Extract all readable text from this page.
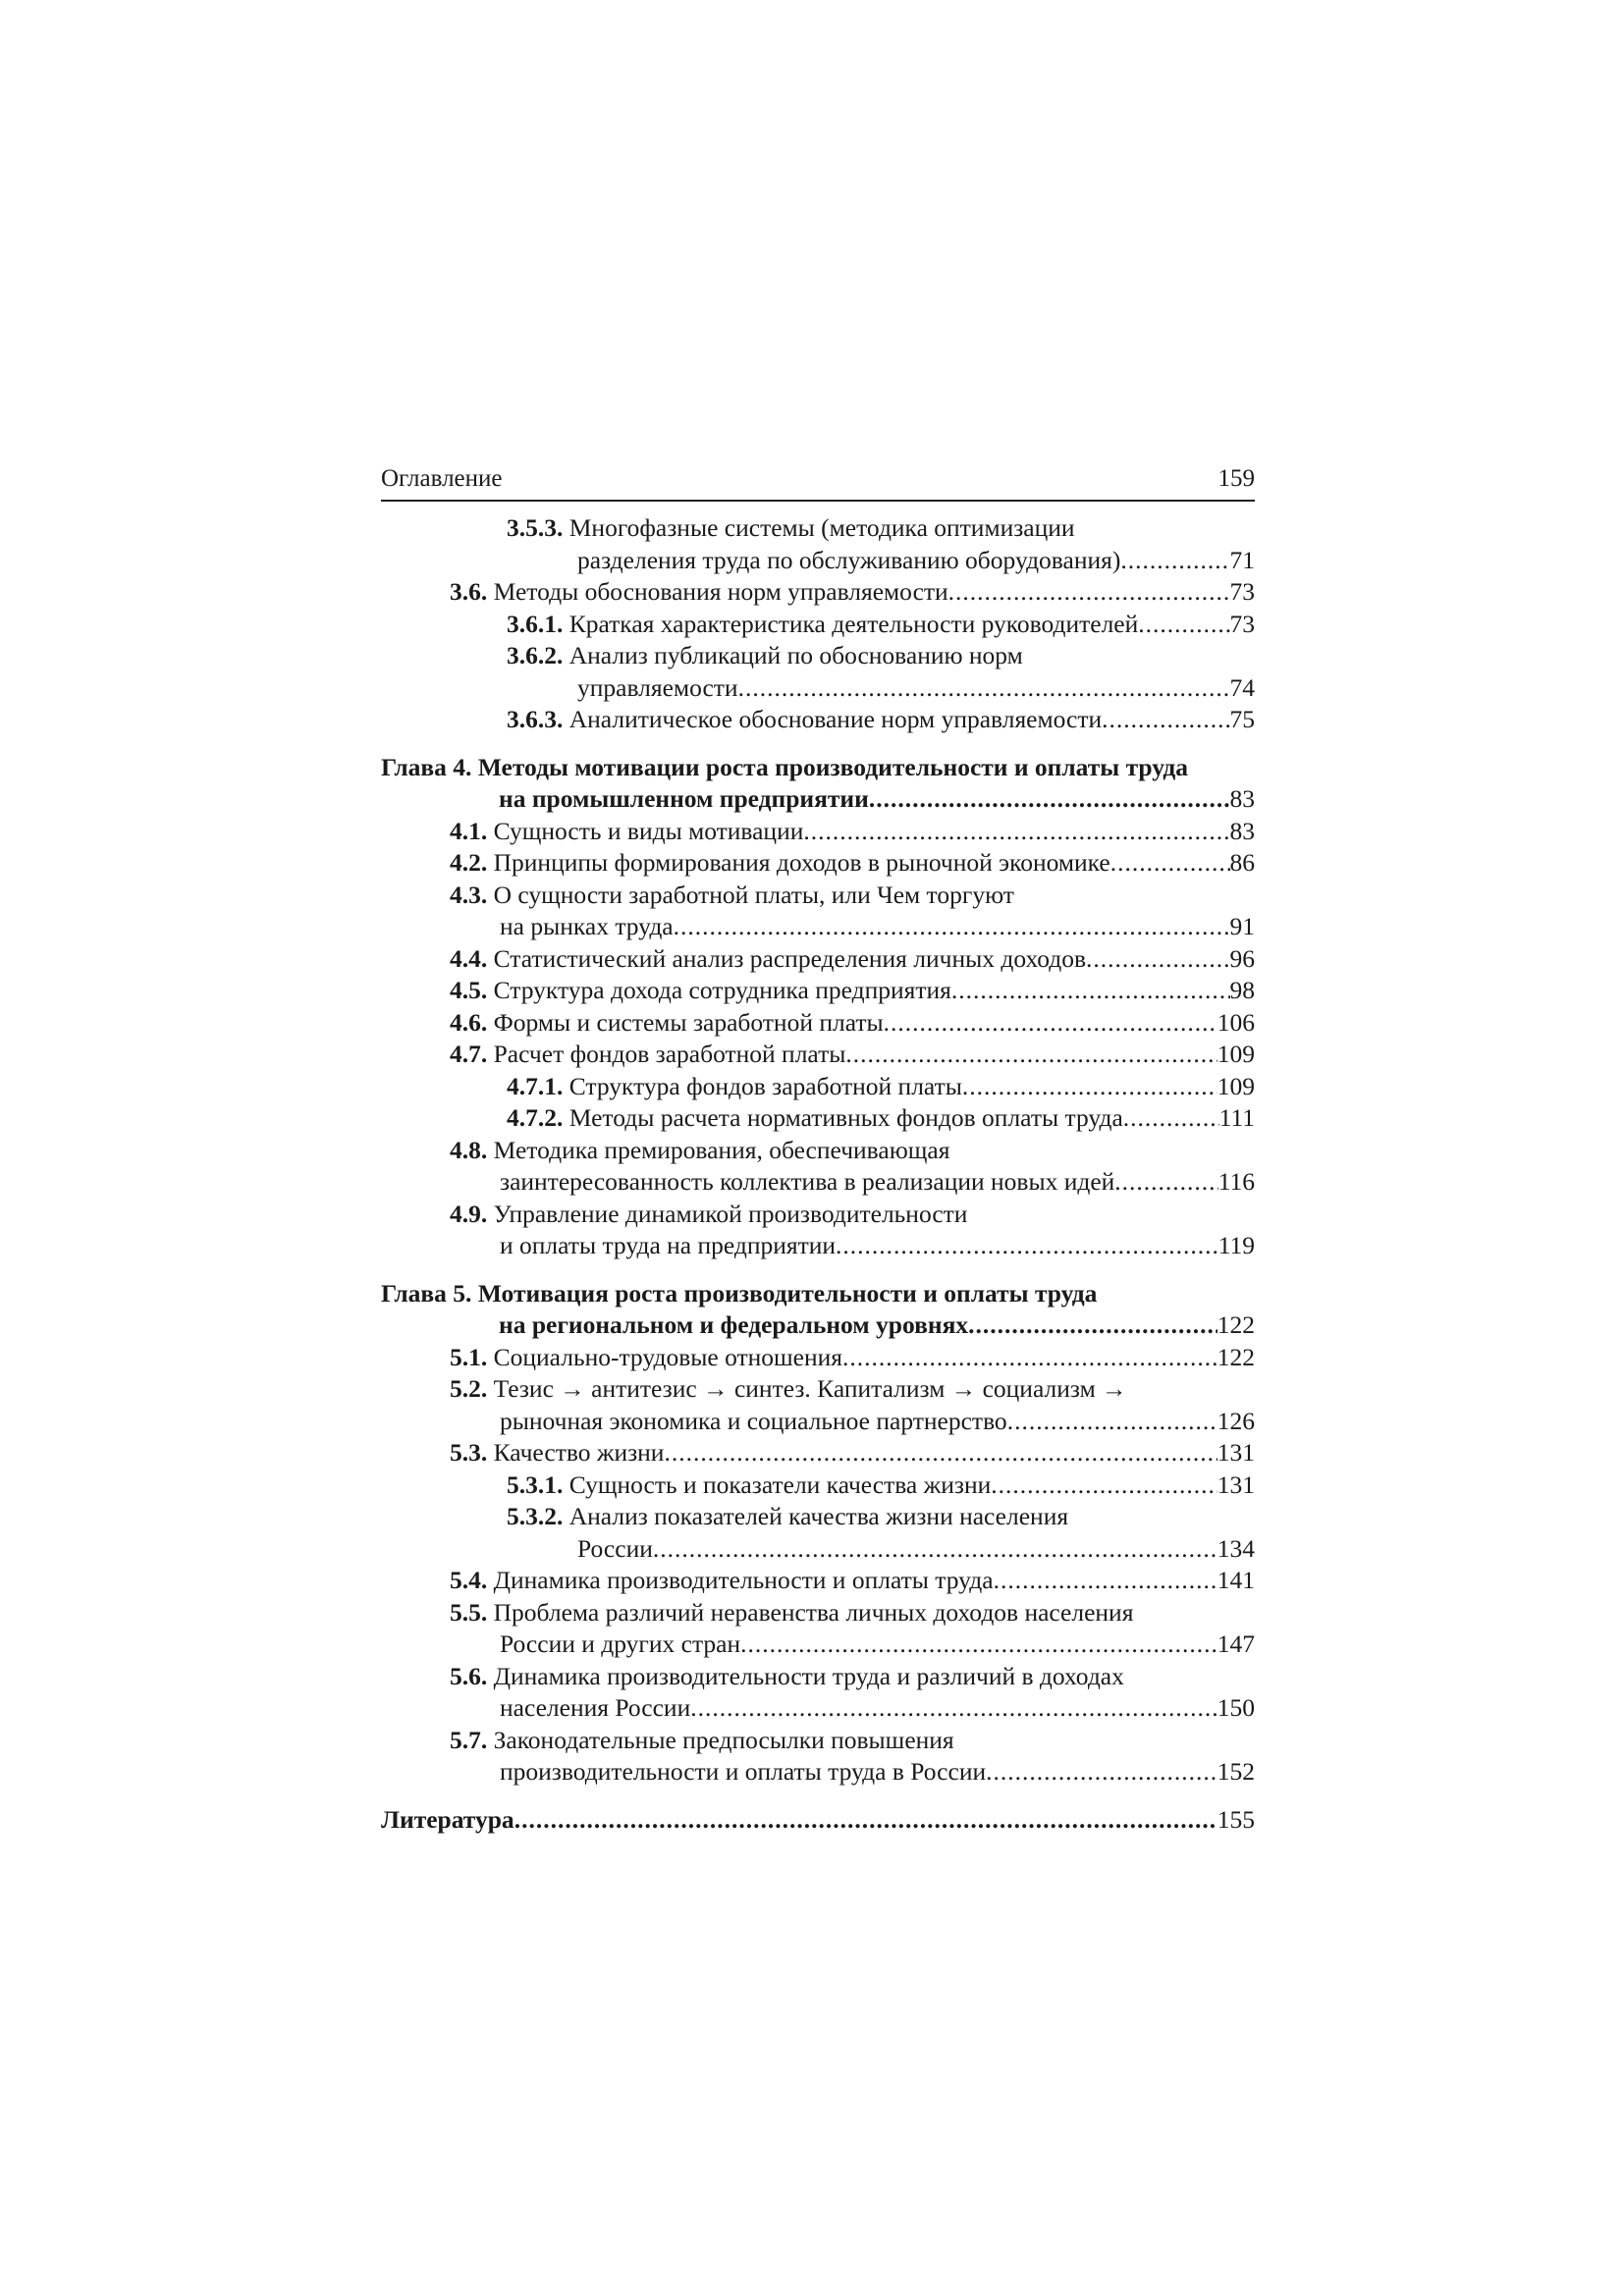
Оглавление	159
3.5.3. Многофазные системы (методика оптимизации
разделения труда по обслуживанию оборудования) .....	71
3.6. Методы обоснования норм управляемости .....	73
3.6.1. Краткая характеристика деятельности руководителей .....	73
3.6.2. Анализ публикаций по обоснованию норм
управляемости .....	74
3.6.3. Аналитическое обоснование норм управляемости .....	75
Глава 4. Методы мотивации роста производительности и оплаты труда
на промышленном предприятии .....	83
4.1. Сущность и виды мотивации .....	83
4.2. Принципы формирования доходов в рыночной экономике .....	86
4.3. О сущности заработной платы, или Чем торгуют
на рынках труда .....	91
4.4. Статистический анализ распределения личных доходов .....	96
4.5. Структура дохода сотрудника предприятия .....	98
4.6. Формы и системы заработной платы .....	106
4.7. Расчет фондов заработной платы .....	109
4.7.1. Структура фондов заработной платы .....	109
4.7.2. Методы расчета нормативных фондов оплаты труда .....	111
4.8. Методика премирования, обеспечивающая
заинтересованность коллектива в реализации новых идей .....	116
4.9. Управление динамикой производительности
и оплаты труда на предприятии .....	119
Глава 5. Мотивация роста производительности и оплаты труда
на региональном и федеральном уровнях .....	122
5.1. Социально-трудовые отношения .....	122
5.2. Тезис → антитезис → синтез. Капитализм → социализм →
рыночная экономика и социальное партнерство .....	126
5.3. Качество жизни .....	131
5.3.1. Сущность и показатели качества жизни .....	131
5.3.2. Анализ показателей качества жизни населения
России .....	134
5.4. Динамика производительности и оплаты труда .....	141
5.5. Проблема различий неравенства личных доходов населения
России и других стран .....	147
5.6. Динамика производительности труда и различий в доходах
населения России .....	150
5.7. Законодательные предпосылки повышения
производительности и оплаты труда в России .....	152
Литература .....	155
